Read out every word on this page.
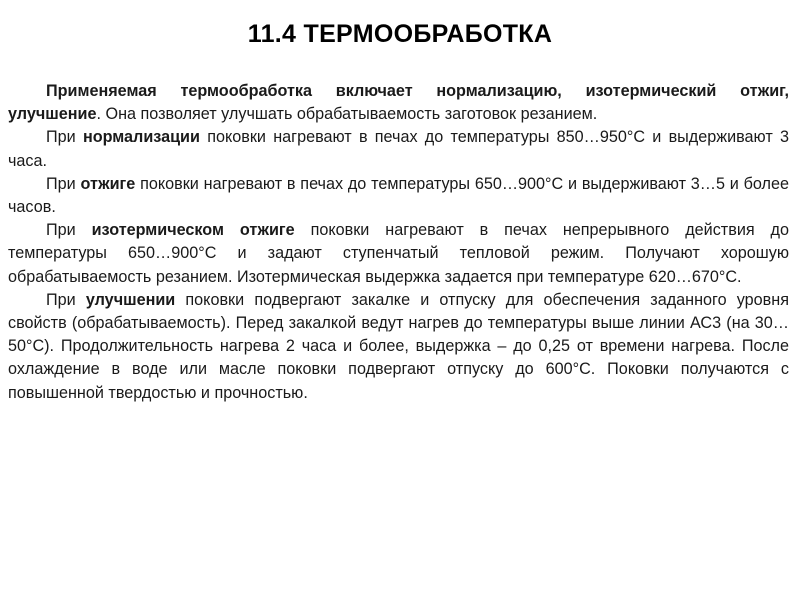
11.4 ТЕРМООБРАБОТКА

Применяемая термообработка включает нормализацию, изотермический отжиг, улучшение. Она позволяет улучшать обрабатываемость заготовок резанием.

При нормализации поковки нагревают в печах до температуры 850…950°С и выдерживают 3 часа.

При отжиге поковки нагревают в печах до температуры 650…900°С и выдерживают 3…5 и более часов.

При изотермическом отжиге поковки нагревают в печах непрерывного действия до температуры 650…900°С и задают ступенчатый тепловой режим. Получают хорошую обрабатываемость резанием. Изотермическая выдержка задается при температуре 620…670°С.

При улучшении поковки подвергают закалке и отпуску для обеспечения заданного уровня свойств (обрабатываемость). Перед закалкой ведут нагрев до температуры выше линии АС3 (на 30…50°С). Продолжительность нагрева 2 часа и более, выдержка – до 0,25 от времени нагрева. После охлаждение в воде или масле поковки подвергают отпуску до 600°С. Поковки получаются с повышенной твердостью и прочностью.
